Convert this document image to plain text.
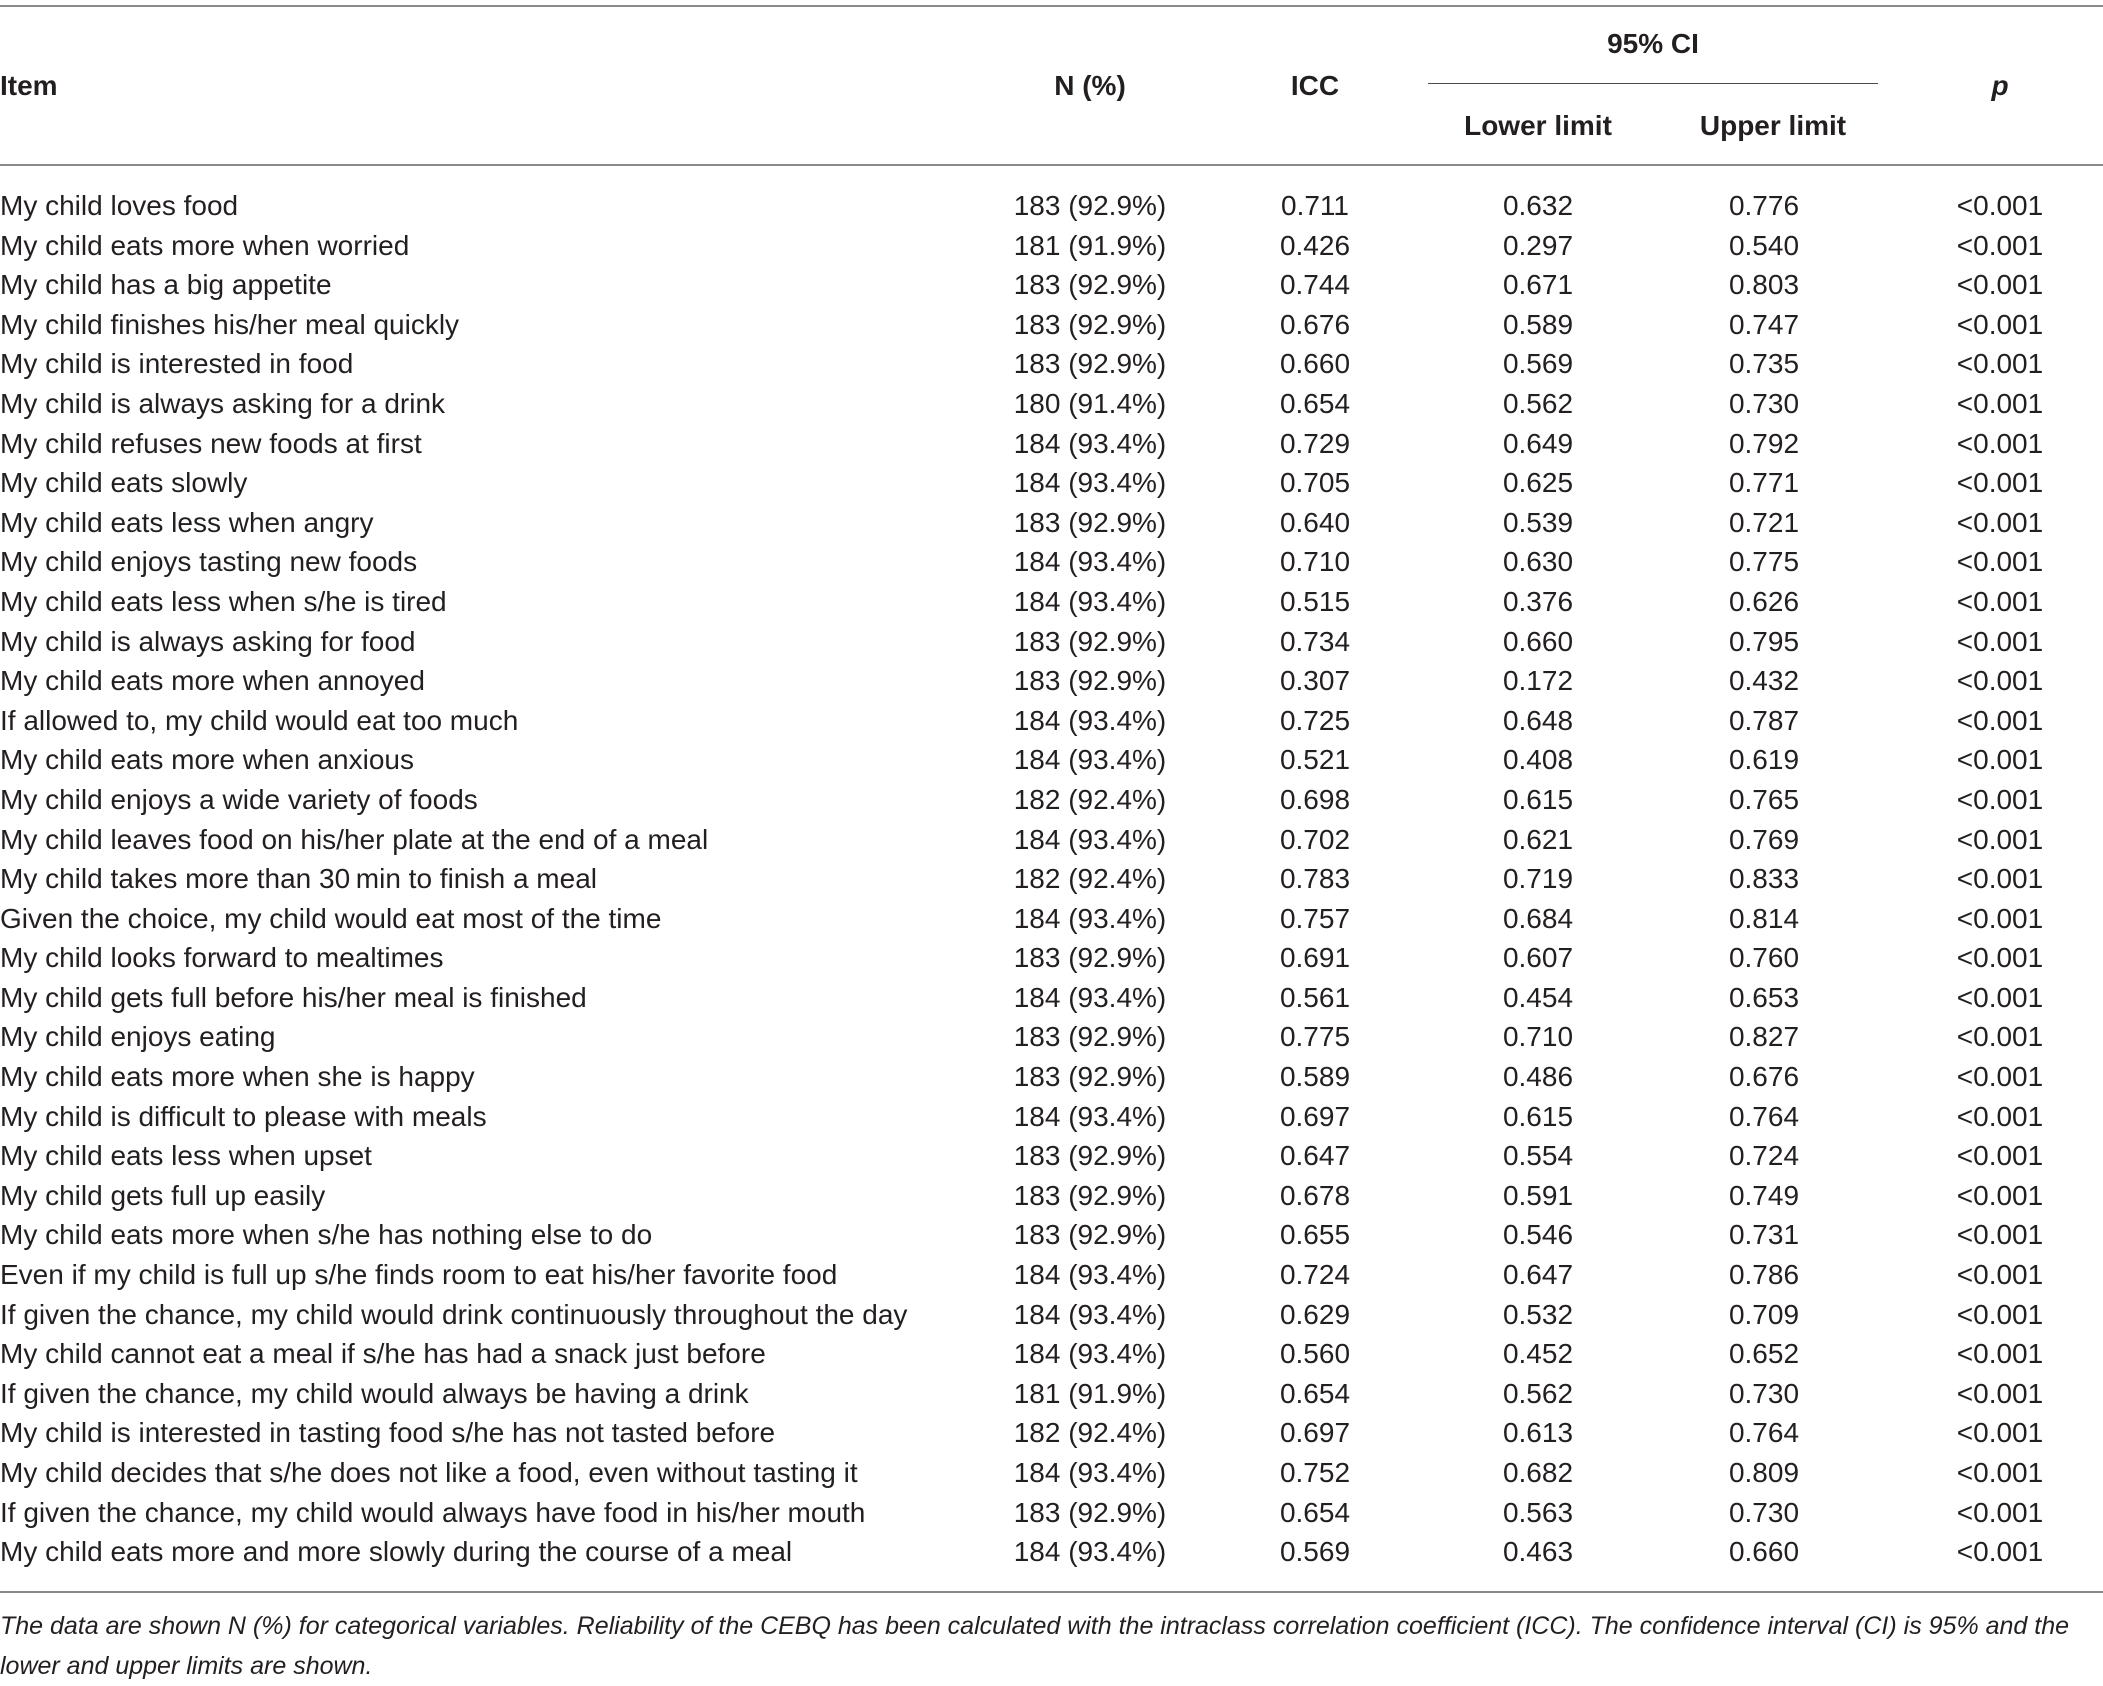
Item	N (%)	ICC
95% CI
Lower limit	Upper limit
p
My child loves food	183 (92.9%)	0.711	0.632	0.776	<0.001
My child eats more when worried	181 (91.9%)	0.426	0.297	0.540	<0.001
My child has a big appetite	183 (92.9%)	0.744	0.671	0.803	<0.001
My child finishes his/her meal quickly	183 (92.9%)	0.676	0.589	0.747	<0.001
My child is interested in food	183 (92.9%)	0.660	0.569	0.735	<0.001
My child is always asking for a drink	180 (91.4%)	0.654	0.562	0.730	<0.001
My child refuses new foods at first	184 (93.4%)	0.729	0.649	0.792	<0.001
My child eats slowly	184 (93.4%)	0.705	0.625	0.771	<0.001
My child eats less when angry	183 (92.9%)	0.640	0.539	0.721	<0.001
My child enjoys tasting new foods	184 (93.4%)	0.710	0.630	0.775	<0.001
My child eats less when s/he is tired	184 (93.4%)	0.515	0.376	0.626	<0.001
My child is always asking for food	183 (92.9%)	0.734	0.660	0.795	<0.001
My child eats more when annoyed	183 (92.9%)	0.307	0.172	0.432	<0.001
If allowed to, my child would eat too much	184 (93.4%)	0.725	0.648	0.787	<0.001
My child eats more when anxious	184 (93.4%)	0.521	0.408	0.619	<0.001
My child enjoys a wide variety of foods	182 (92.4%)	0.698	0.615	0.765	<0.001
My child leaves food on his/her plate at the end of a meal	184 (93.4%)	0.702	0.621	0.769	<0.001
My child takes more than 30 min to finish a meal	182 (92.4%)	0.783	0.719	0.833	<0.001
Given the choice, my child would eat most of the time	184 (93.4%)	0.757	0.684	0.814	<0.001
My child looks forward to mealtimes	183 (92.9%)	0.691	0.607	0.760	<0.001
My child gets full before his/her meal is finished	184 (93.4%)	0.561	0.454	0.653	<0.001
My child enjoys eating	183 (92.9%)	0.775	0.710	0.827	<0.001
My child eats more when she is happy	183 (92.9%)	0.589	0.486	0.676	<0.001
My child is difficult to please with meals	184 (93.4%)	0.697	0.615	0.764	<0.001
My child eats less when upset	183 (92.9%)	0.647	0.554	0.724	<0.001
My child gets full up easily	183 (92.9%)	0.678	0.591	0.749	<0.001
My child eats more when s/he has nothing else to do	183 (92.9%)	0.655	0.546	0.731	<0.001
Even if my child is full up s/he finds room to eat his/her favorite food	184 (93.4%)	0.724	0.647	0.786	<0.001
If given the chance, my child would drink continuously throughout the day	184 (93.4%)	0.629	0.532	0.709	<0.001
My child cannot eat a meal if s/he has had a snack just before	184 (93.4%)	0.560	0.452	0.652	<0.001
If given the chance, my child would always be having a drink	181 (91.9%)	0.654	0.562	0.730	<0.001
My child is interested in tasting food s/he has not tasted before	182 (92.4%)	0.697	0.613	0.764	<0.001
My child decides that s/he does not like a food, even without tasting it	184 (93.4%)	0.752	0.682	0.809	<0.001
If given the chance, my child would always have food in his/her mouth	183 (92.9%)	0.654	0.563	0.730	<0.001
My child eats more and more slowly during the course of a meal	184 (93.4%)	0.569	0.463	0.660	<0.001
The data are shown N (%) for categorical variables. Reliability of the CEBQ has been calculated with the intraclass correlation coefficient (ICC). The confidence interval (CI) is 95% and the lower and upper limits are shown.
